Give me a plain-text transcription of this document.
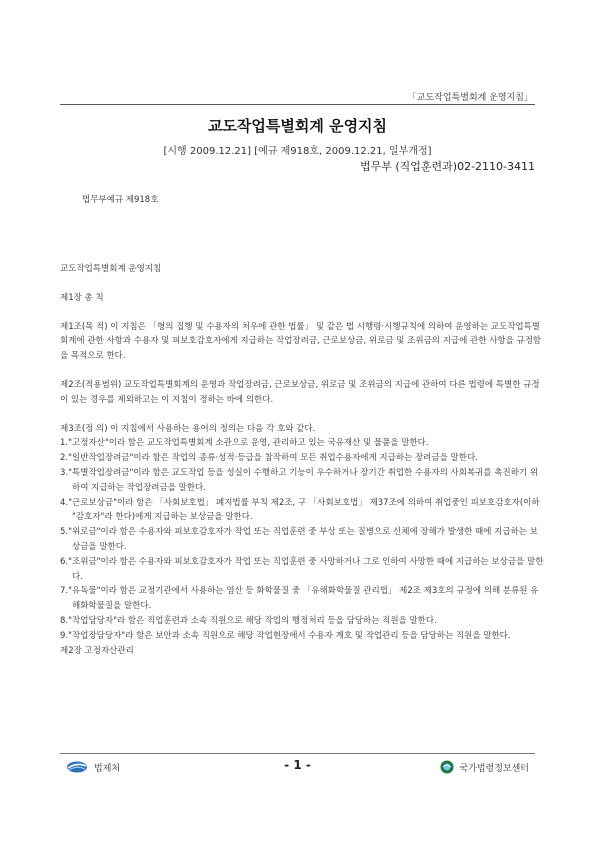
「교도작업특별회계 운영지침」
교도작업특별회계 운영지침
[시행 2009.12.21] [예규 제918호, 2009.12.21, 일부개정]
법무부 (직업훈련과)02-2110-3411
법무부예규 제918호

교도작업특별회계 운영지침

제1장 총 칙

제1조(목 적) 이 지침은 「형의 집행 및 수용자의 처우에 관한 법률」 및 같은 법 시행령·시행규칙에 의하여 운영하는 교도작업특별회계에 관한 사항과 수용자 및 피보호감호자에게 지급하는 작업장려금, 근로보상금, 위로금 및 조위금의 지급에 관한 사항을 규정함을 목적으로 한다.

제2조(적용범위) 교도작업특별회계의 운영과 작업장려금, 근로보상금, 위로금 및 조위금의 지급에 관하여 다른 법령에 특별한 규정이 있는 경우를 제외하고는 이 지침이 정하는 바에 의한다.

제3조(정 의) 이 지침에서 사용하는 용어의 정의는 다음 각 호와 같다.

1."고정자산"이라 함은 교도작업특별회계 소관으로 운영, 관리하고 있는 국유재산 및 물품을 말한다.

2."일반작업장려금"이라 함은 작업의 종류·성적·등급을 참작하여 모든 취업수용자에게 지급하는 장려금을 말한다.

3."특별작업장려금"이라 함은 교도작업 등을 성실이 수행하고 기능이 우수하거나 장기간 취업한 수용자의 사회복귀를 촉진하기 위하여 지급하는 작업장려금을 말한다.

4."근로보상금"이라 함은 「사회보호법」 폐지법률 부칙 제2조, 구 「사회보호법」 제37조에 의하여 취업중인 피보호감호자(이하 "감호자"라 한다)에게 지급하는 보상금을 말한다.

5."위로금"이라 함은 수용자와 피보호감호자가 작업 또는 직업훈련 중 부상 또는 질병으로 신체에 장해가 발생한 때에 지급하는 보상금을 말한다.

6."조위금"이라 함은 수용자와 피보호감호자가 작업 또는 직업훈련 중 사망하거나 그로 인하여 사망한 때에 지급하는 보상금을 말한다.

7."유독물"이라 함은 교정기관에서 사용하는 염산 등 화학물질 중 「유해화학물질 관리법」 제2조 제3호의 규정에 의해 분류된 유해화학물질을 말한다.

8."작업담당자"라 함은 직업훈련과 소속 직원으로 해당 작업의 행정처리 등을 담당하는 직원을 말한다.

9."작업장담당자"라 함은 보안과 소속 직원으로 해당 작업현장에서 수용자 계호 및 작업관리 등을 담당하는 직원을 말한다.

제2장 고정자산관리

법제처	- 1 -	국가법령정보센터
